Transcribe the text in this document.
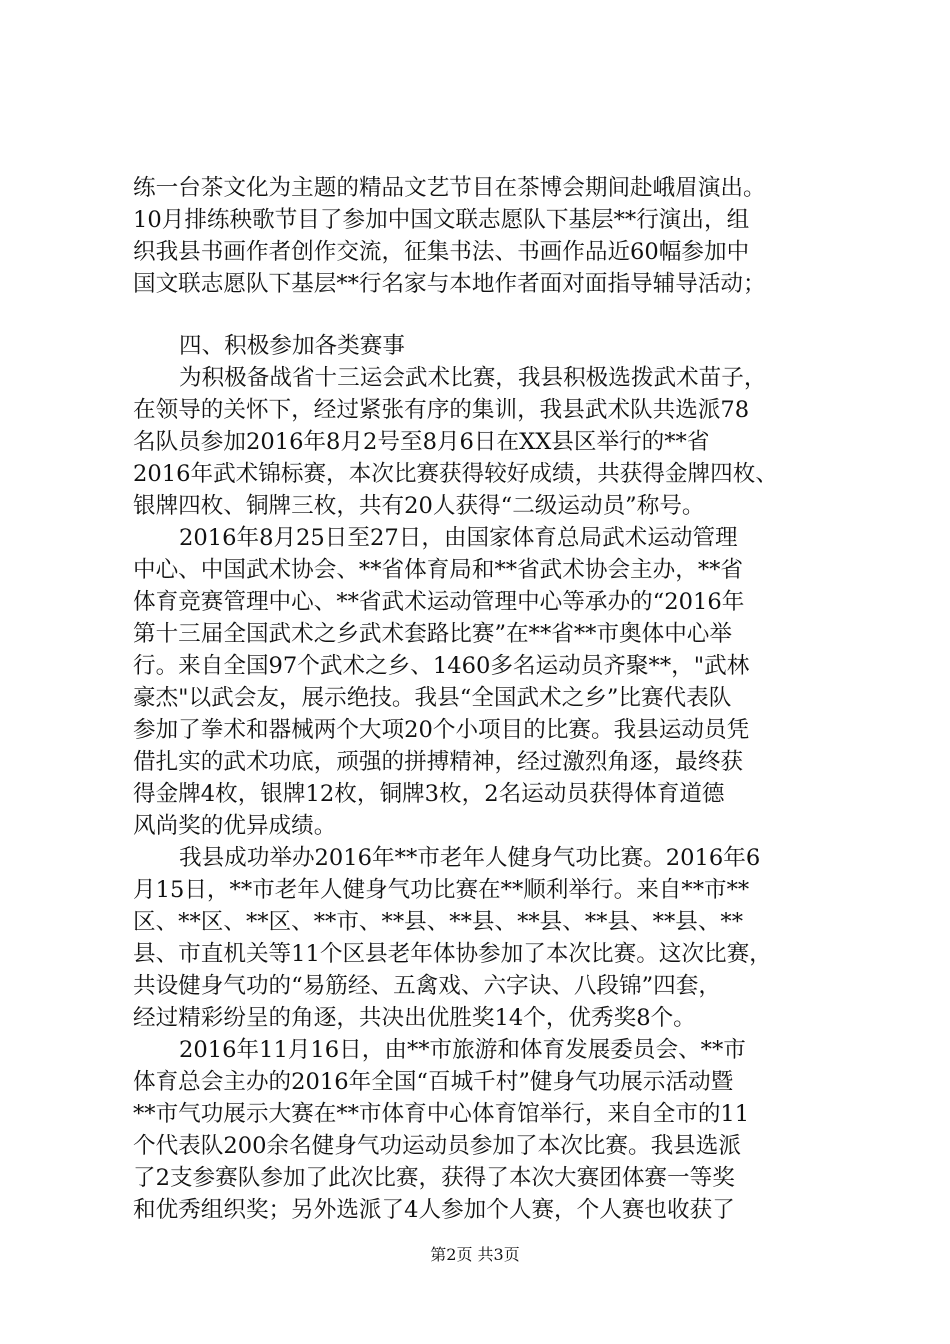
练一台茶文化为主题的精品文艺节目在茶博会期间赴峨眉演出。
10月排练秧歌节目了参加中国文联志愿队下基层**行演出，组
织我县书画作者创作交流，征集书法、书画作品近60幅参加中
国文联志愿队下基层**行名家与本地作者面对面指导辅导活动；
四、积极参加各类赛事
为积极备战省十三运会武术比赛，我县积极选拨武术苗子，
在领导的关怀下，经过紧张有序的集训，我县武术队共选派78
名队员参加2016年8月2号至8月6日在XX县区举行的**省
2016年武术锦标赛，本次比赛获得较好成绩，共获得金牌四枚、
银牌四枚、铜牌三枚，共有20人获得“二级运动员”称号。
2016年8月25日至27日，由国家体育总局武术运动管理
中心、中国武术协会、**省体育局和**省武术协会主办，**省
体育竞赛管理中心、**省武术运动管理中心等承办的“2016年
第十三届全国武术之乡武术套路比赛”在**省**市奥体中心举
行。来自全国97个武术之乡、1460多名运动员齐聚**，"武林
豪杰"以武会友，展示绝技。我县“全国武术之乡”比赛代表队
参加了拳术和器械两个大项20个小项目的比赛。我县运动员凭
借扎实的武术功底，顽强的拼搏精神，经过激烈角逐，最终获
得金牌4枚，银牌12枚，铜牌3枚，2名运动员获得体育道德
风尚奖的优异成绩。
我县成功举办2016年**市老年人健身气功比赛。2016年6
月15日，**市老年人健身气功比赛在**顺利举行。来自**市**
区、**区、**区、**市、**县、**县、**县、**县、**县、**
县、市直机关等11个区县老年体协参加了本次比赛。这次比赛，
共设健身气功的“易筋经、五禽戏、六字诀、八段锦”四套，
经过精彩纷呈的角逐，共决出优胜奖14个，优秀奖8个。
2016年11月16日，由**市旅游和体育发展委员会、**市
体育总会主办的2016年全国“百城千村”健身气功展示活动暨
**市气功展示大赛在**市体育中心体育馆举行，来自全市的11
个代表队200余名健身气功运动员参加了本次比赛。我县选派
了2支参赛队参加了此次比赛，获得了本次大赛团体赛一等奖
和优秀组织奖；另外选派了4人参加个人赛，个人赛也收获了
第2页 共3页
